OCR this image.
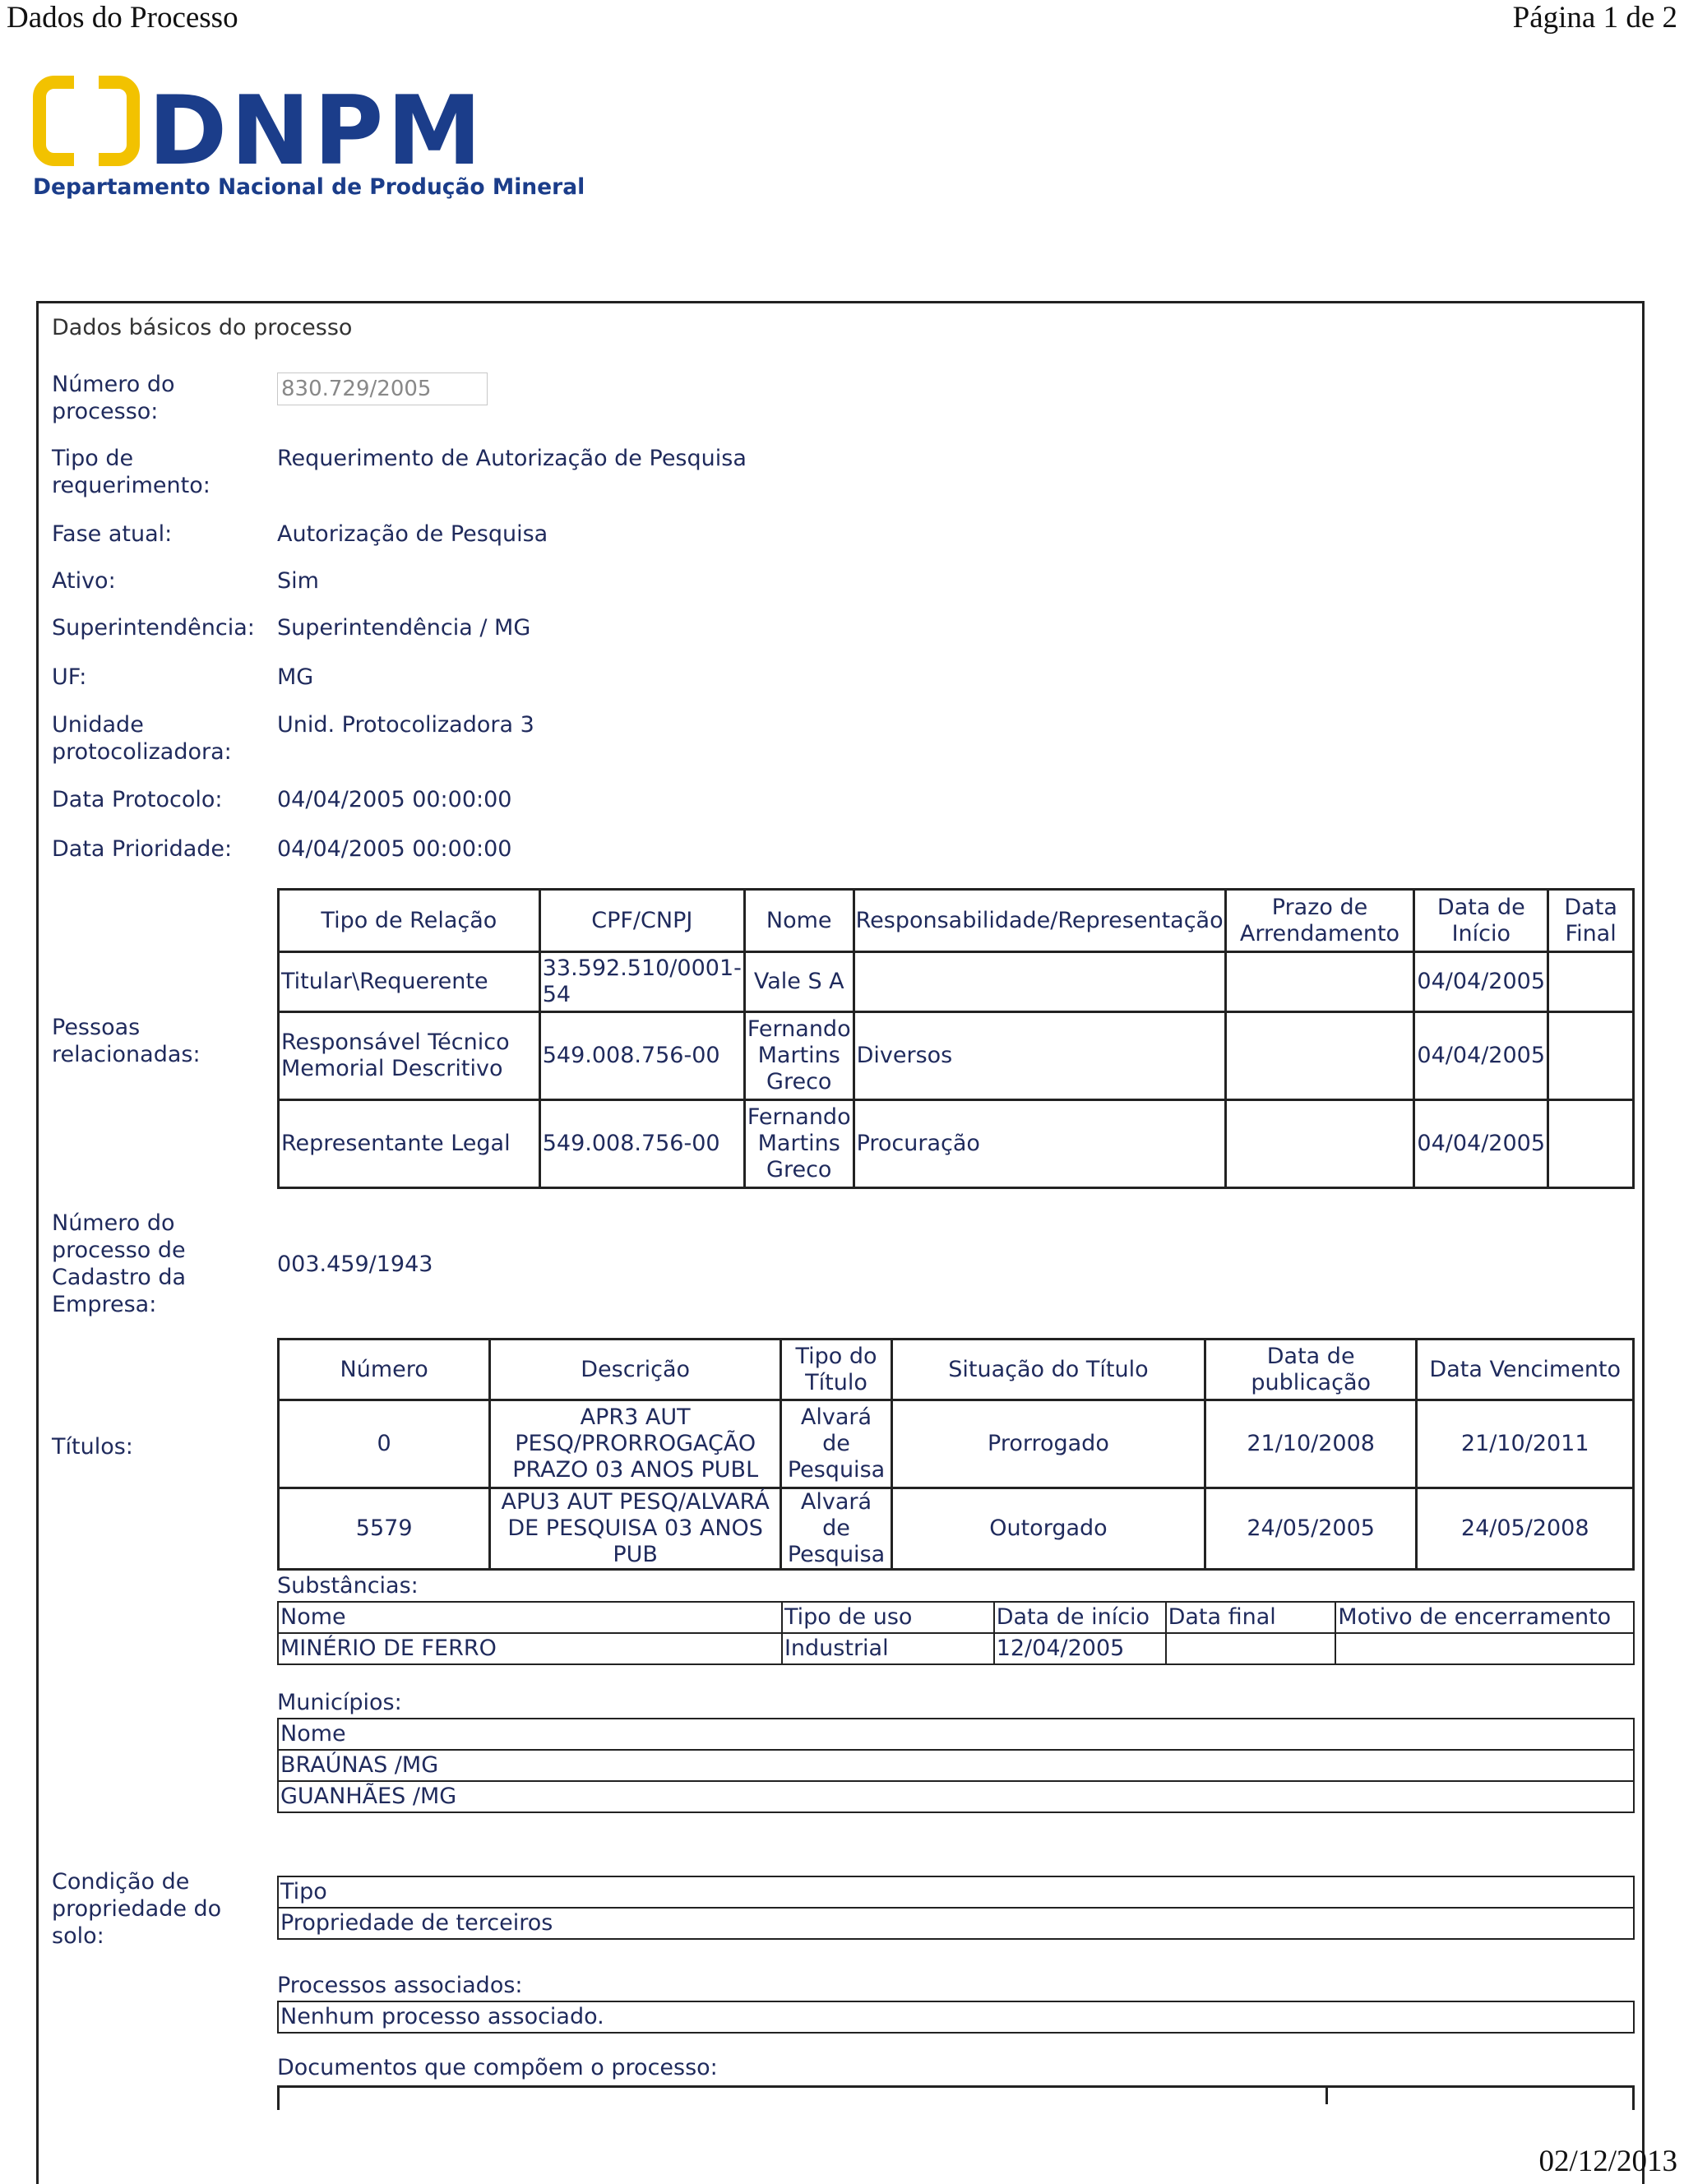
Dados do Processo	Página 1 de 2
DNPM
Departamento Nacional de Produção Mineral
Dados básicos do processo
Número do processo:
830.729/2005
Tipo de requerimento:
Requerimento de Autorização de Pesquisa
Fase atual:	Autorização de Pesquisa
Ativo:	Sim
Superintendência:	Superintendência / MG
UF:	MG
Unidade protocolizadora:
Unid. Protocolizadora 3
Data Protocolo:	04/04/2005 00:00:00
Data Prioridade:	04/04/2005 00:00:00
Pessoas relacionadas:
Tipo de Relação	CPF/CNPJ	Nome	Responsabilidade/Representação	Prazo de Arrendamento	Data de Início	Data Final
Titular\Requerente	33.592.510/0001-54	Vale S A			04/04/2005	
Responsável Técnico Memorial Descritivo	549.008.756-00	Fernando Martins Greco	Diversos		04/04/2005	
Representante Legal	549.008.756-00	Fernando Martins Greco	Procuração		04/04/2005	
Número do processo de Cadastro da Empresa:
003.459/1943
Títulos:
Número	Descrição	Tipo do Título	Situação do Título	Data de publicação	Data Vencimento
0	APR3 AUT PESQ/PRORROGAÇÃO PRAZO 03 ANOS PUBL	Alvará de Pesquisa	Prorrogado	21/10/2008	21/10/2011
5579	APU3 AUT PESQ/ALVARÁ DE PESQUISA 03 ANOS PUB	Alvará de Pesquisa	Outorgado	24/05/2005	24/05/2008
Substâncias:
Nome	Tipo de uso	Data de início	Data final	Motivo de encerramento
MINÉRIO DE FERRO	Industrial	12/04/2005		
Municípios:
Nome
BRAÚNAS /MG
GUANHÃES /MG
Condição de propriedade do solo:
Tipo
Propriedade de terceiros
Processos associados:
Nenhum processo associado.
Documentos que compõem o processo:
02/12/2013
